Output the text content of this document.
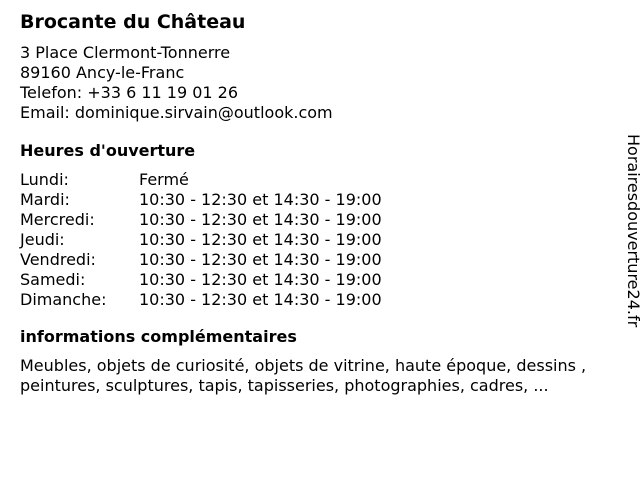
Brocante du Château
3 Place Clermont-Tonnerre
89160 Ancy-le-Franc
Telefon: +33 6 11 19 01 26
Email: dominique.sirvain@outlook.com
Heures d'ouverture
Lundi:	Fermé
Mardi:	10:30 - 12:30 et 14:30 - 19:00
Mercredi:	10:30 - 12:30 et 14:30 - 19:00
Jeudi:	10:30 - 12:30 et 14:30 - 19:00
Vendredi:	10:30 - 12:30 et 14:30 - 19:00
Samedi:	10:30 - 12:30 et 14:30 - 19:00
Dimanche:	10:30 - 12:30 et 14:30 - 19:00
informations complémentaires
Meubles, objets de curiosité, objets de vitrine, haute époque, dessins , peintures, sculptures, tapis, tapisseries, photographies, cadres, ...
Horairesdouverture24.fr
